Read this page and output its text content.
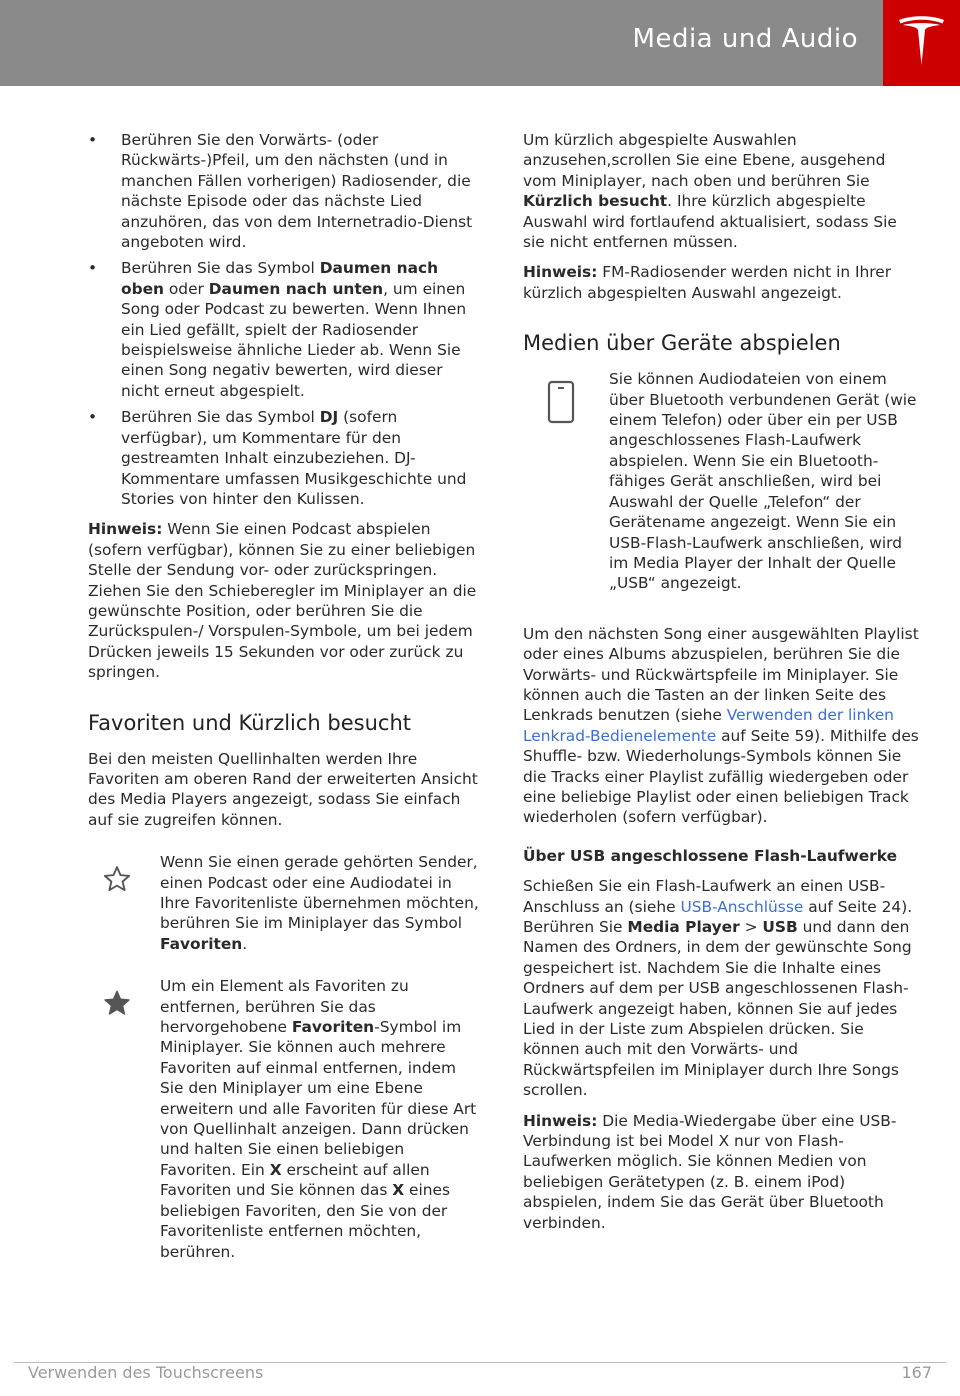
Media und Audio
• Berühren Sie den Vorwärts- (oder Rückwärts-)Pfeil, um den nächsten (und in manchen Fällen vorherigen) Radiosender, die nächste Episode oder das nächste Lied anzuhören, das von dem Internetradio-Dienst angeboten wird.
• Berühren Sie das Symbol Daumen nach oben oder Daumen nach unten, um einen Song oder Podcast zu bewerten. Wenn Ihnen ein Lied gefällt, spielt der Radiosender beispielsweise ähnliche Lieder ab. Wenn Sie einen Song negativ bewerten, wird dieser nicht erneut abgespielt.
• Berühren Sie das Symbol DJ (sofern verfügbar), um Kommentare für den gestreamten Inhalt einzubeziehen. DJ-Kommentare umfassen Musikgeschichte und Stories von hinter den Kulissen.

Hinweis: Wenn Sie einen Podcast abspielen (sofern verfügbar), können Sie zu einer beliebigen Stelle der Sendung vor- oder zurückspringen. Ziehen Sie den Schieberegler im Miniplayer an die gewünschte Position, oder berühren Sie die Zurückspulen-/ Vorspulen-Symbole, um bei jedem Drücken jeweils 15 Sekunden vor oder zurück zu springen.

Favoriten und Kürzlich besucht

Bei den meisten Quellinhalten werden Ihre Favoriten am oberen Rand der erweiterten Ansicht des Media Players angezeigt, sodass Sie einfach auf sie zugreifen können.

Wenn Sie einen gerade gehörten Sender, einen Podcast oder eine Audiodatei in Ihre Favoritenliste übernehmen möchten, berühren Sie im Miniplayer das Symbol Favoriten.
Um ein Element als Favoriten zu entfernen, berühren Sie das hervorgehobene Favoriten-Symbol im Miniplayer. Sie können auch mehrere Favoriten auf einmal entfernen, indem Sie den Miniplayer um eine Ebene erweitern und alle Favoriten für diese Art von Quellinhalt anzeigen. Dann drücken und halten Sie einen beliebigen Favoriten. Ein X erscheint auf allen Favoriten und Sie können das X eines beliebigen Favoriten, den Sie von der Favoritenliste entfernen möchten, berühren.

Um kürzlich abgespielte Auswahlen anzusehen,scrollen Sie eine Ebene, ausgehend vom Miniplayer, nach oben und berühren Sie Kürzlich besucht. Ihre kürzlich abgespielte Auswahl wird fortlaufend aktualisiert, sodass Sie sie nicht entfernen müssen.

Hinweis: FM-Radiosender werden nicht in Ihrer kürzlich abgespielten Auswahl angezeigt.

Medien über Geräte abspielen
Sie können Audiodateien von einem über Bluetooth verbundenen Gerät (wie einem Telefon) oder über ein per USB angeschlossenes Flash-Laufwerk abspielen. Wenn Sie ein Bluetooth-fähiges Gerät anschließen, wird bei Auswahl der Quelle „Telefon“ der Gerätename angezeigt. Wenn Sie ein USB-Flash-Laufwerk anschließen, wird im Media Player der Inhalt der Quelle „USB“ angezeigt.

Um den nächsten Song einer ausgewählten Playlist oder eines Albums abzuspielen, berühren Sie die Vorwärts- und Rückwärtspfeile im Miniplayer. Sie können auch die Tasten an der linken Seite des Lenkrads benutzen (siehe Verwenden der linken Lenkrad-Bedienelemente auf Seite 59). Mithilfe des Shuffle- bzw. Wiederholungs-Symbols können Sie die Tracks einer Playlist zufällig wiedergeben oder eine beliebige Playlist oder einen beliebigen Track wiederholen (sofern verfügbar).

Über USB angeschlossene Flash-Laufwerke

Schießen Sie ein Flash-Laufwerk an einen USB-Anschluss an (siehe USB-Anschlüsse auf Seite 24). Berühren Sie Media Player > USB und dann den Namen des Ordners, in dem der gewünschte Song gespeichert ist. Nachdem Sie die Inhalte eines Ordners auf dem per USB angeschlossenen Flash-Laufwerk angezeigt haben, können Sie auf jedes Lied in der Liste zum Abspielen drücken. Sie können auch mit den Vorwärts- und Rückwärtspfeilen im Miniplayer durch Ihre Songs scrollen.

Hinweis: Die Media-Wiedergabe über eine USB-Verbindung ist bei Model X nur von Flash-Laufwerken möglich. Sie können Medien von beliebigen Gerätetypen (z. B. einem iPod) abspielen, indem Sie das Gerät über Bluetooth verbinden.

Verwenden des Touchscreens	167
